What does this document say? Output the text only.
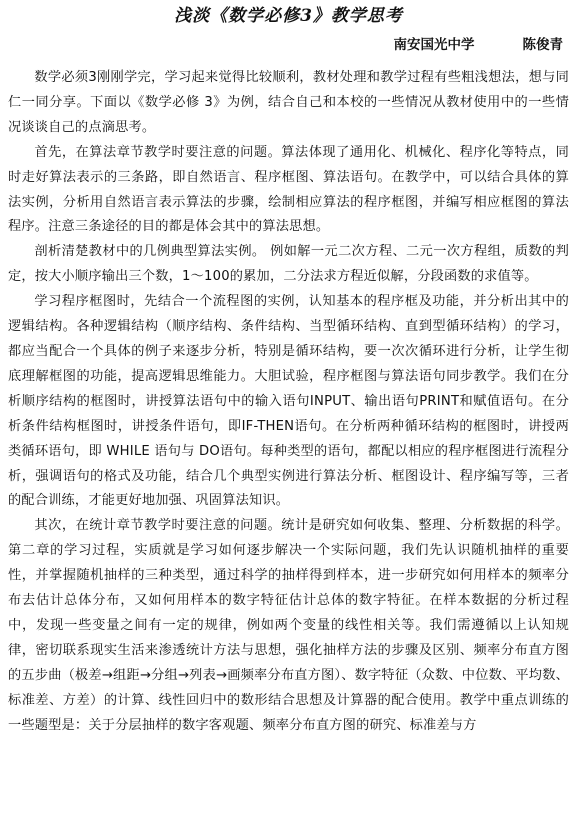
浅淡《数学必修3》教学思考
南安国光中学	陈俊青

数学必须3刚刚学完，学习起来觉得比较顺利，教材处理和教学过程有些粗浅想法，想与同仁一同分享。下面以《数学必修 3》为例，结合自己和本校的一些情况从教材使用中的一些情况谈谈自己的点滴思考。

首先，在算法章节教学时要注意的问题。算法体现了通用化、机械化、程序化等特点，同时走好算法表示的三条路，即自然语言、程序框图、算法语句。在教学中，可以结合具体的算法实例，分析用自然语言表示算法的步骤，绘制相应算法的程序框图，并编写相应框图的算法程序。注意三条途径的目的都是体会其中的算法思想。

剖析清楚教材中的几例典型算法实例。 例如解一元二次方程、二元一次方程组，质数的判定，按大小顺序输出三个数，1～100的累加，二分法求方程近似解，分段函数的求值等。

学习程序框图时，先结合一个流程图的实例，认知基本的程序框及功能，并分析出其中的逻辑结构。各种逻辑结构（顺序结构、条件结构、当型循环结构、直到型循环结构）的学习，都应当配合一个具体的例子来逐步分析，特别是循环结构，要一次次循环进行分析，让学生彻底理解框图的功能，提高逻辑思维能力。大胆试验，程序框图与算法语句同步教学。我们在分析顺序结构的框图时，讲授算法语句中的输入语句INPUT、输出语句PRINT和赋值语句。在分析条件结构框图时，讲授条件语句，即IF-THEN语句。在分析两种循环结构的框图时，讲授两类循环语句，即 WHILE 语句与 DO语句。每种类型的语句，都配以相应的程序框图进行流程分析，强调语句的格式及功能，结合几个典型实例进行算法分析、框图设计、程序编写等，三者的配合训练，才能更好地加强、巩固算法知识。

其次，在统计章节教学时要注意的问题。统计是研究如何收集、整理、分析数据的科学。第二章的学习过程，实质就是学习如何逐步解决一个实际问题，我们先认识随机抽样的重要性，并掌握随机抽样的三种类型，通过科学的抽样得到样本，进一步研究如何用样本的频率分布去估计总体分布，又如何用样本的数字特征估计总体的数字特征。在样本数据的分析过程中，发现一些变量之间有一定的规律，例如两个变量的线性相关等。我们需遵循以上认知规律，密切联系现实生活来渗透统计方法与思想，强化抽样方法的步骤及区别、频率分布直方图的五步曲（极差→组距→分组→列表→画频率分布直方图）、数字特征（众数、中位数、平均数、标准差、方差）的计算、线性回归中的数形结合思想及计算器的配合使用。教学中重点训练的一些题型是：关于分层抽样的数字客观题、频率分布直方图的研究、标准差与方
